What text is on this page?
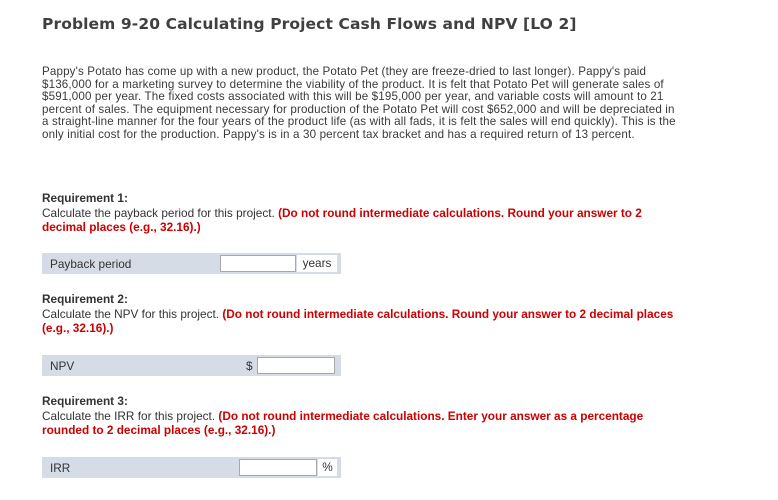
Problem 9-20 Calculating Project Cash Flows and NPV [LO 2]
Pappy's Potato has come up with a new product, the Potato Pet (they are freeze-dried to last longer). Pappy's paid $136,000 for a marketing survey to determine the viability of the product. It is felt that Potato Pet will generate sales of $591,000 per year. The fixed costs associated with this will be $195,000 per year, and variable costs will amount to 21 percent of sales. The equipment necessary for production of the Potato Pet will cost $652,000 and will be depreciated in a straight-line manner for the four years of the product life (as with all fads, it is felt the sales will end quickly). This is the only initial cost for the production. Pappy's is in a 30 percent tax bracket and has a required return of 13 percent.
Requirement 1:
Calculate the payback period for this project. (Do not round intermediate calculations. Round your answer to 2 decimal places (e.g., 32.16).)
Payback period	years
Requirement 2:
Calculate the NPV for this project. (Do not round intermediate calculations. Round your answer to 2 decimal places (e.g., 32.16).)
NPV	$
Requirement 3:
Calculate the IRR for this project. (Do not round intermediate calculations. Enter your answer as a percentage rounded to 2 decimal places (e.g., 32.16).)
IRR	%
